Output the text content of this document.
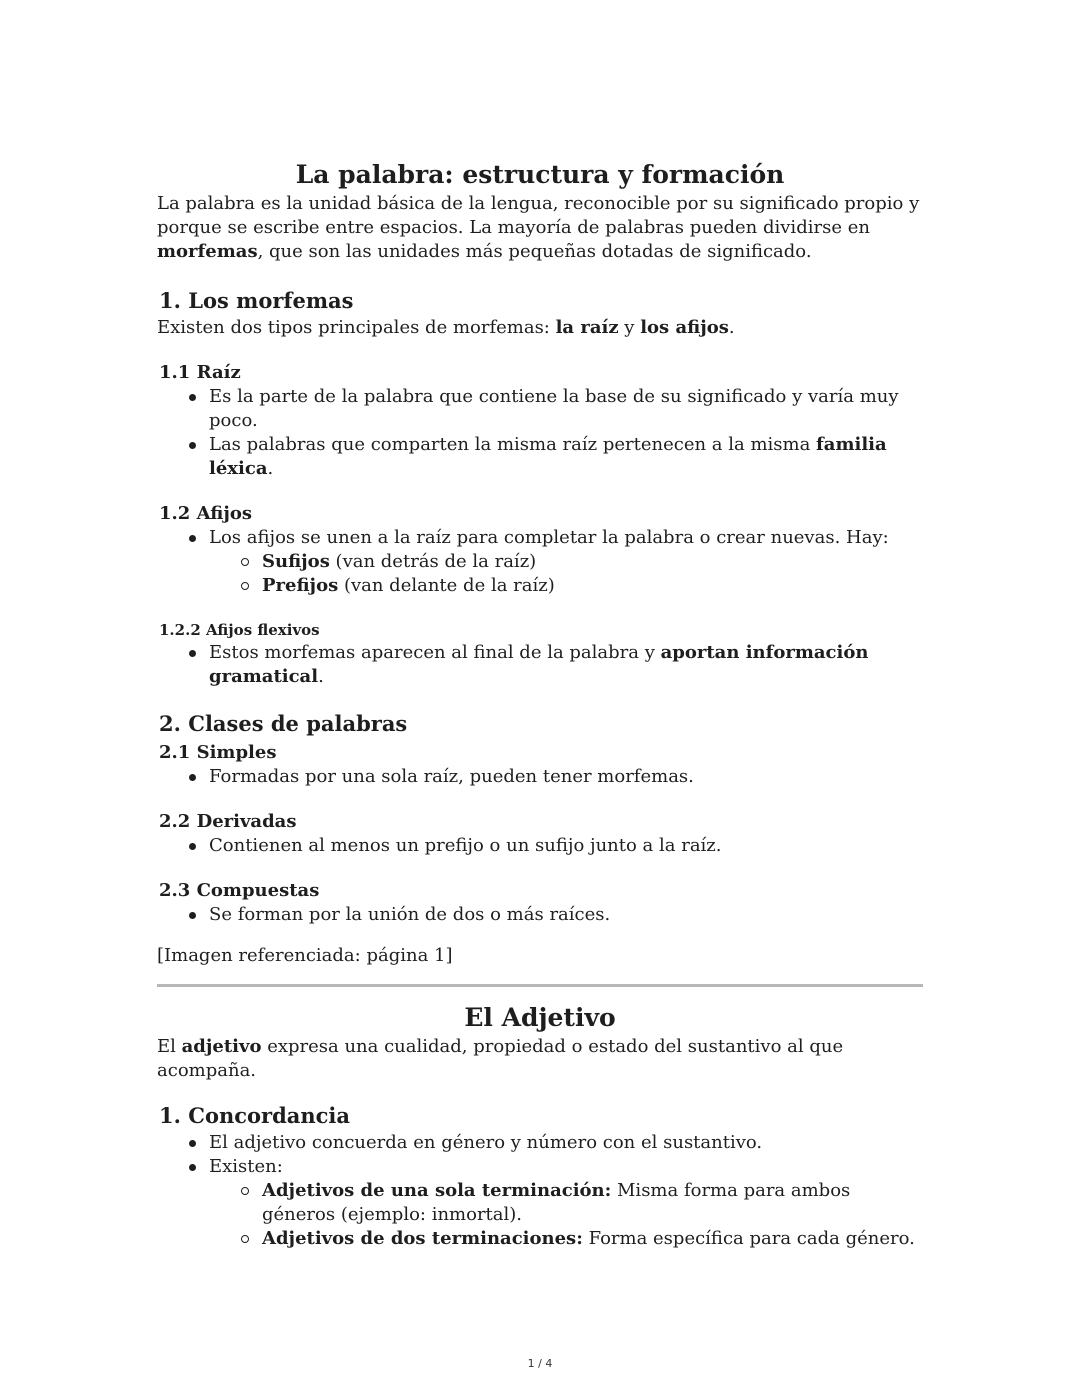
La palabra: estructura y formación

La palabra es la unidad básica de la lengua, reconocible por su significado propio y porque se escribe entre espacios. La mayoría de palabras pueden dividirse en morfemas, que son las unidades más pequeñas dotadas de significado.

1. Los morfemas

Existen dos tipos principales de morfemas: la raíz y los afijos.

1.1 Raíz
Es la parte de la palabra que contiene la base de su significado y varía muy poco.
Las palabras que comparten la misma raíz pertenecen a la misma familia léxica.
1.2 Afijos
Los afijos se unen a la raíz para completar la palabra o crear nuevas. Hay:
Sufijos (van detrás de la raíz)
Prefijos (van delante de la raíz)
1.2.2 Afijos flexivos
Estos morfemas aparecen al final de la palabra y aportan información gramatical.
2. Clases de palabras
2.1 Simples
Formadas por una sola raíz, pueden tener morfemas.
2.2 Derivadas
Contienen al menos un prefijo o un sufijo junto a la raíz.
2.3 Compuestas
Se forman por la unión de dos o más raíces.

[Imagen referenciada: página 1]

El Adjetivo

El adjetivo expresa una cualidad, propiedad o estado del sustantivo al que acompaña.

1. Concordancia
El adjetivo concuerda en género y número con el sustantivo.
Existen:
Adjetivos de una sola terminación: Misma forma para ambos géneros (ejemplo: inmortal).
Adjetivos de dos terminaciones: Forma específica para cada género.
1 / 4
